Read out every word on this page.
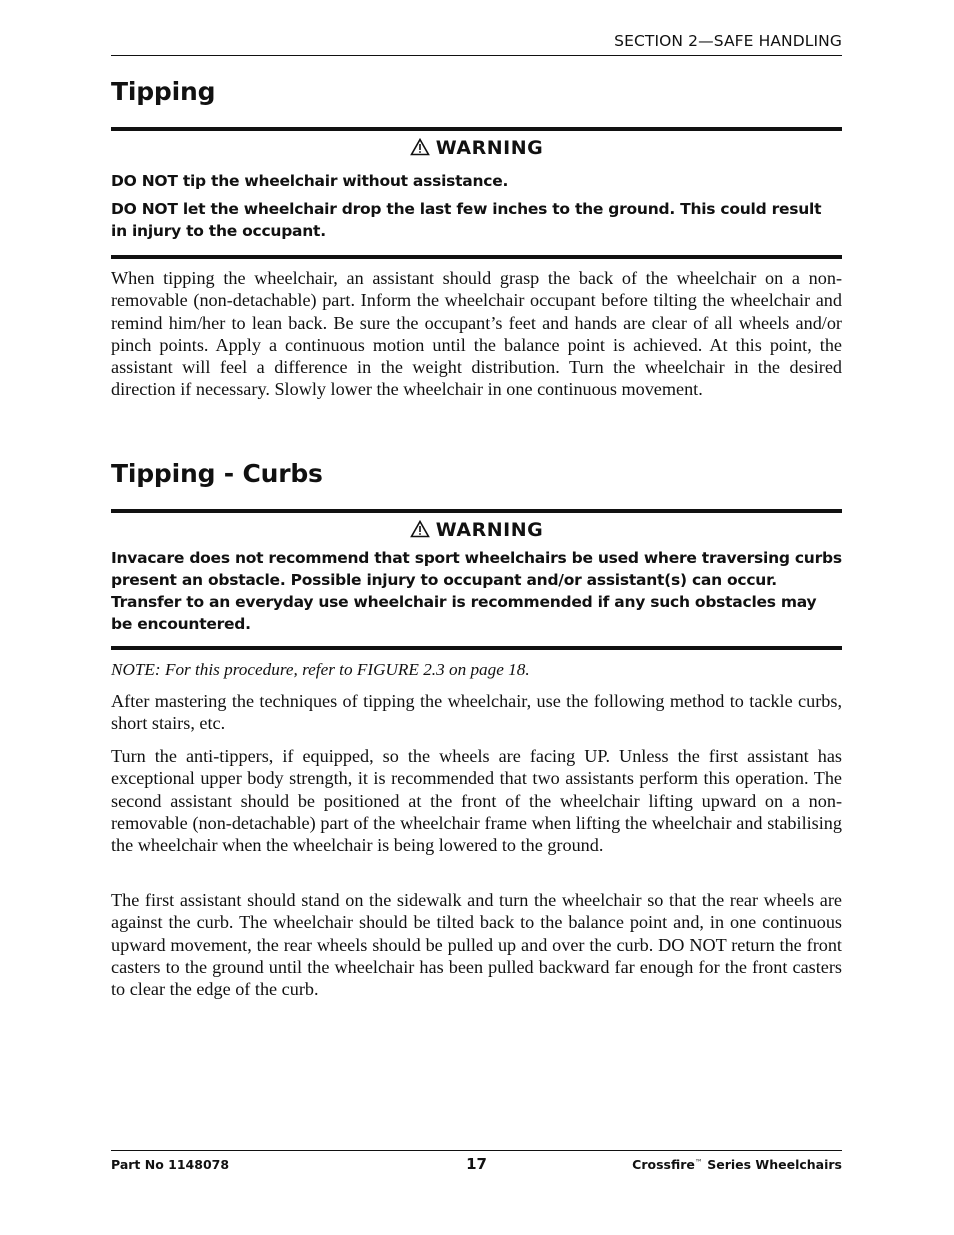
SECTION 2—SAFE HANDLING
Tipping
WARNING
DO NOT tip the wheelchair without assistance.
DO NOT let the wheelchair drop the last few inches to the ground. This could result in injury to the occupant.
When tipping the wheelchair, an assistant should grasp the back of the wheelchair on a non-removable (non-detachable) part. Inform the wheelchair occupant before tilting the wheelchair and remind him/her to lean back. Be sure the occupant’s feet and hands are clear of all wheels and/or pinch points. Apply a continuous motion until the balance point is achieved. At this point, the assistant will feel a difference in the weight distribution. Turn the wheelchair in the desired direction if necessary. Slowly lower the wheelchair in one continuous movement.
Tipping - Curbs
WARNING
Invacare does not recommend that sport wheelchairs be used where traversing curbs present an obstacle. Possible injury to occupant and/or assistant(s) can occur. Transfer to an everyday use wheelchair is recommended if any such obstacles may be encountered.
NOTE: For this procedure, refer to FIGURE 2.3 on page 18.
After mastering the techniques of tipping the wheelchair, use the following method to tackle curbs, short stairs, etc.
Turn the anti-tippers, if equipped, so the wheels are facing UP. Unless the first assistant has exceptional upper body strength, it is recommended that two assistants perform this operation. The second assistant should be positioned at the front of the wheelchair lifting upward on a non-removable (non-detachable) part of the wheelchair frame when lifting the wheelchair and stabilising the wheelchair when the wheelchair is being lowered to the ground.
The first assistant should stand on the sidewalk and turn the wheelchair so that the rear wheels are against the curb. The wheelchair should be tilted back to the balance point and, in one continuous upward movement, the rear wheels should be pulled up and over the curb. DO NOT return the front casters to the ground until the wheelchair has been pulled backward far enough for the front casters to clear the edge of the curb.
Part No 1148078	17	Crossfire™ Series Wheelchairs
